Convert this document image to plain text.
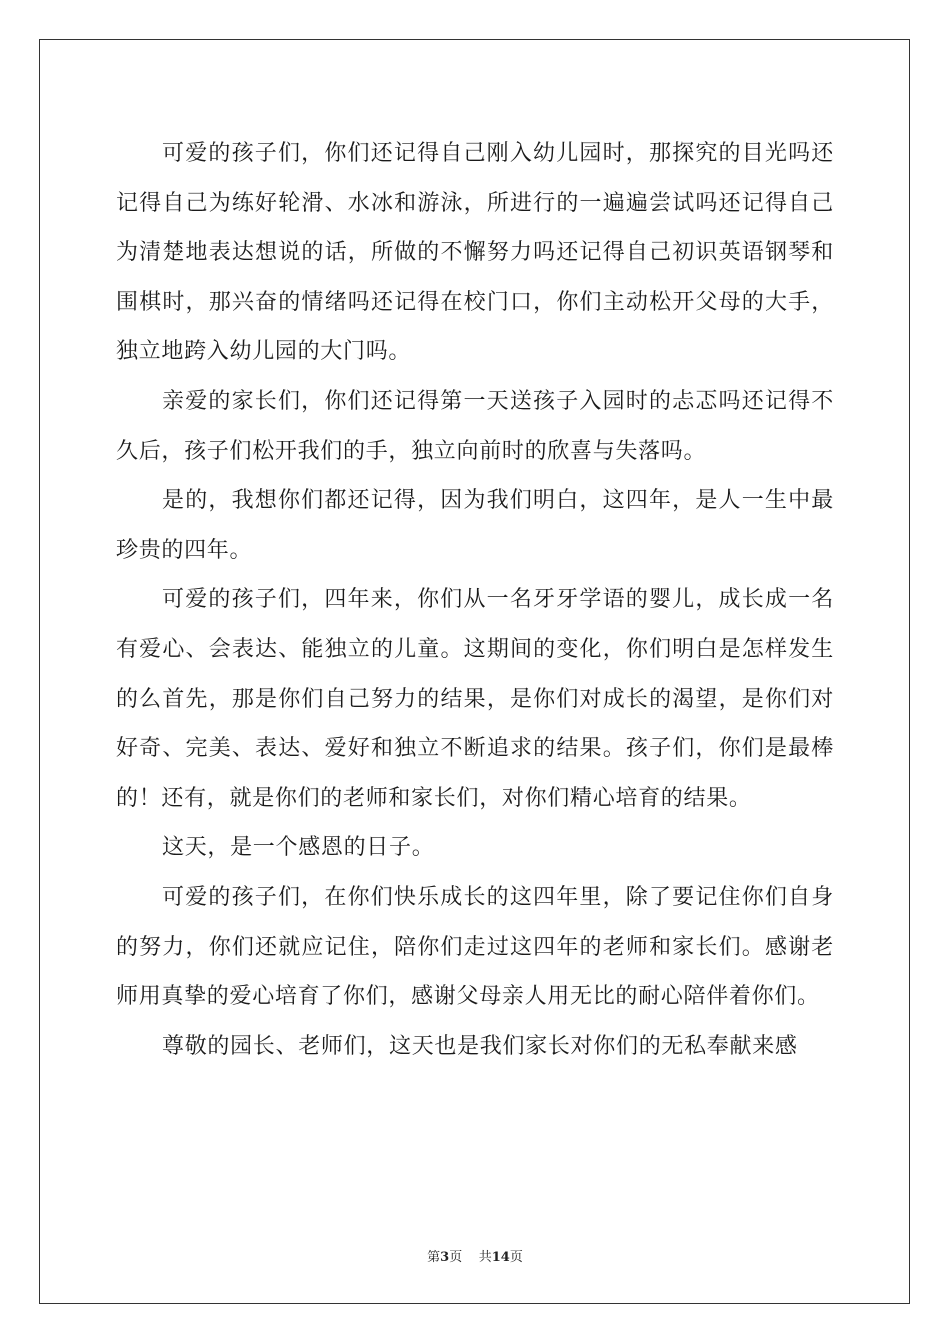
可爱的孩子们，你们还记得自己刚入幼儿园时，那探究的目光吗还记得自己为练好轮滑、水冰和游泳，所进行的一遍遍尝试吗还记得自己为清楚地表达想说的话，所做的不懈努力吗还记得自己初识英语钢琴和围棋时，那兴奋的情绪吗还记得在校门口，你们主动松开父母的大手，独立地跨入幼儿园的大门吗。

亲爱的家长们，你们还记得第一天送孩子入园时的忐忑吗还记得不久后，孩子们松开我们的手，独立向前时的欣喜与失落吗。

是的，我想你们都还记得，因为我们明白，这四年，是人一生中最珍贵的四年。

可爱的孩子们，四年来，你们从一名牙牙学语的婴儿，成长成一名有爱心、会表达、能独立的儿童。这期间的变化，你们明白是怎样发生的么首先，那是你们自己努力的结果，是你们对成长的渴望，是你们对好奇、完美、表达、爱好和独立不断追求的结果。孩子们，你们是最棒的！还有，就是你们的老师和家长们，对你们精心培育的结果。

这天，是一个感恩的日子。

可爱的孩子们，在你们快乐成长的这四年里，除了要记住你们自身的努力，你们还就应记住，陪你们走过这四年的老师和家长们。感谢老师用真挚的爱心培育了你们，感谢父母亲人用无比的耐心陪伴着你们。

尊敬的园长、老师们，这天也是我们家长对你们的无私奉献来感

第3页 共14页
